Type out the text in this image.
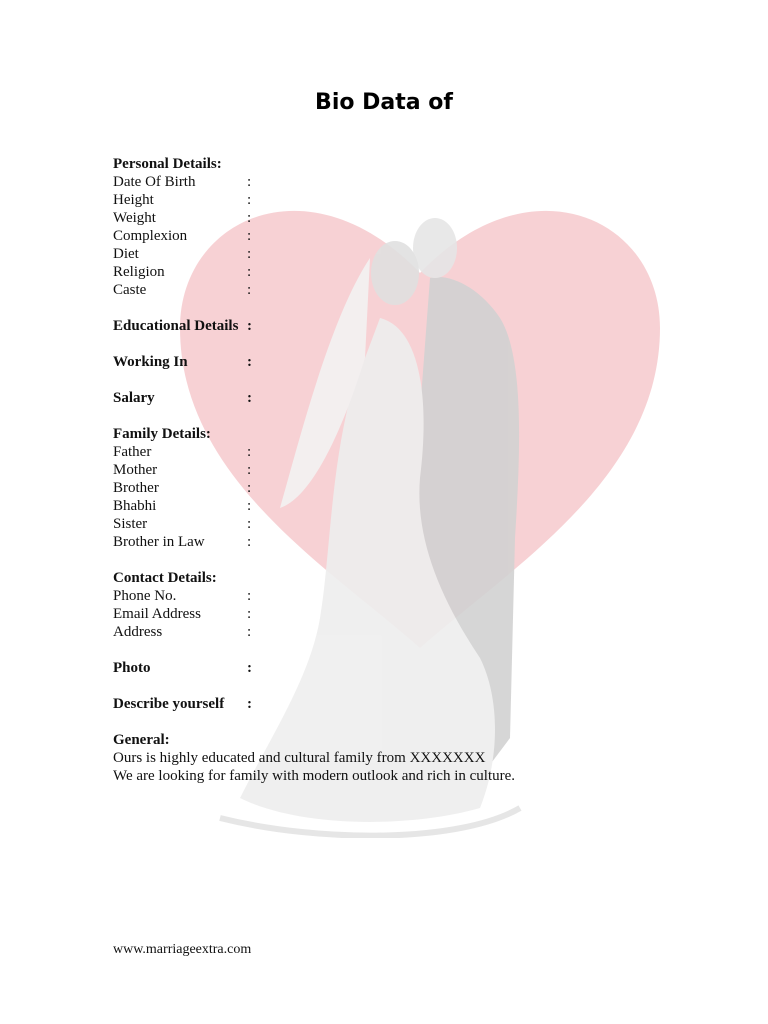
Bio Data of
Personal Details:
Date Of Birth	:
Height	:
Weight	:
Complexion	:
Diet	:
Religion	:
Caste	:
Educational Details :
Working In	:
Salary	:
Family Details:
Father	:
Mother	:
Brother	:
Bhabhi	:
Sister	:
Brother in Law	:
Contact Details:
Phone No.	:
Email Address	:
Address	:
Photo	:
Describe yourself :
General:
Ours is highly educated and cultural family from XXXXXXX
We are looking for family with modern outlook and rich in culture.
www.marriageextra.com
